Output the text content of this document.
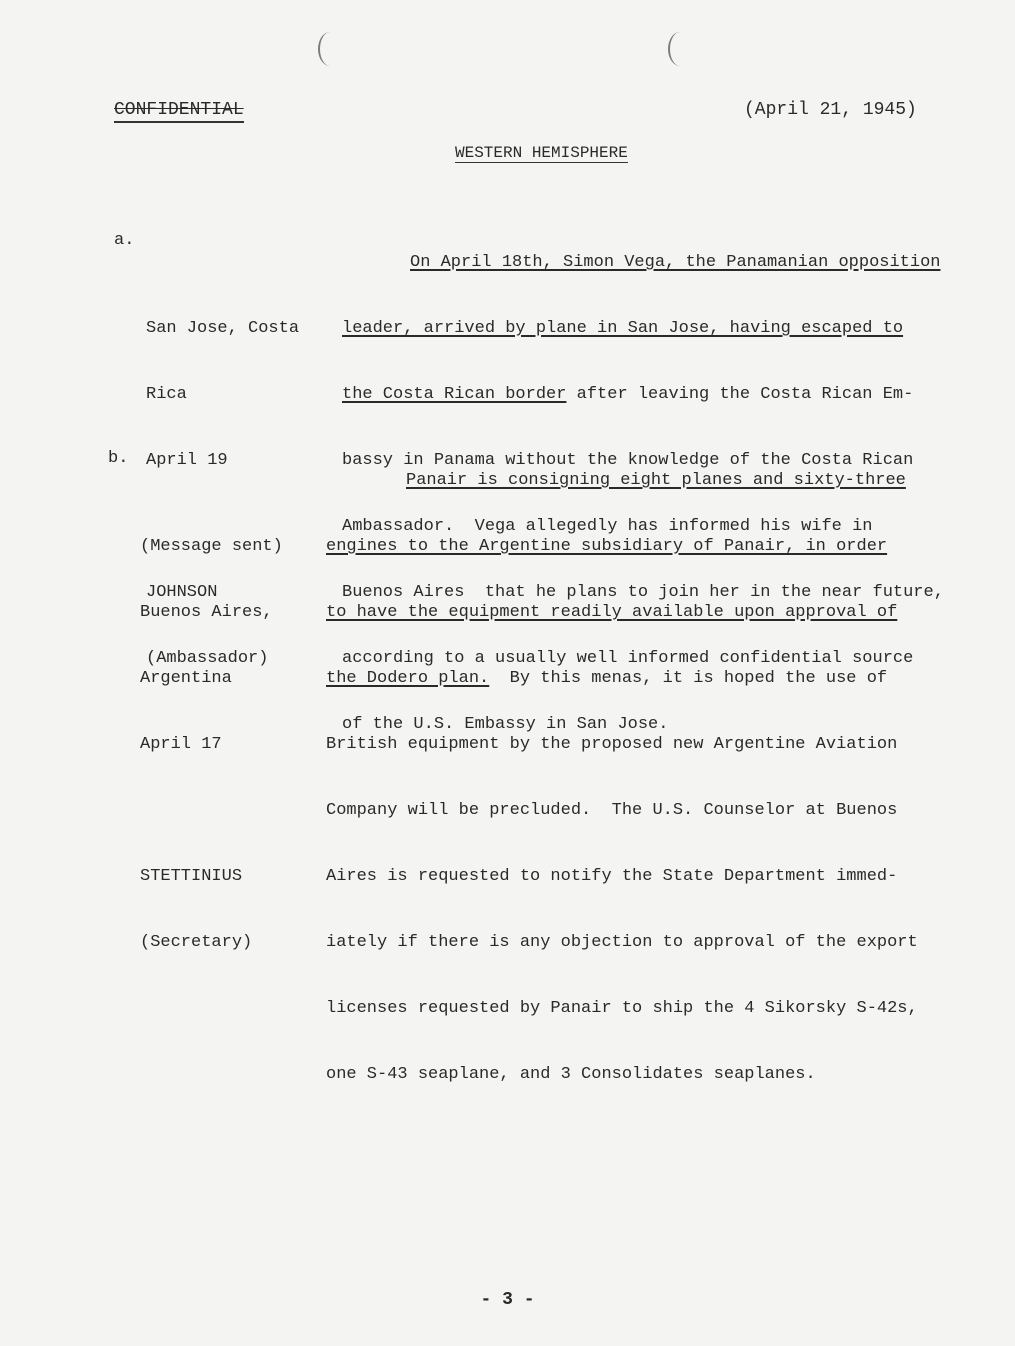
CONFIDENTIAL	(April 21, 1945)
WESTERN HEMISPHERE

a.

San Jose, Costa

Rica

April 19

JOHNSON

(Ambassador)

On April 18th, Simon Vega, the Panamanian opposition

leader, arrived by plane in San Jose, having escaped to

the Costa Rican border after leaving the Costa Rican Em-

bassy in Panama without the knowledge of the Costa Rican

Ambassador.  Vega allegedly has informed his wife in

Buenos Aires  that he plans to join her in the near future,

according to a usually well informed confidential source

of the U.S. Embassy in San Jose.

b.

(Message sent)

Buenos Aires,

Argentina

April 17

STETTINIUS

(Secretary)

Panair is consigning eight planes and sixty-three

engines to the Argentine subsidiary of Panair, in order

to have the equipment readily available upon approval of

the Dodero plan.  By this menas, it is hoped the use of

British equipment by the proposed new Argentine Aviation

Company will be precluded.  The U.S. Counselor at Buenos

Aires is requested to notify the State Department immed-

iately if there is any objection to approval of the export

licenses requested by Panair to ship the 4 Sikorsky S-42s,

one S-43 seaplane, and 3 Consolidates seaplanes.

- 3 -
